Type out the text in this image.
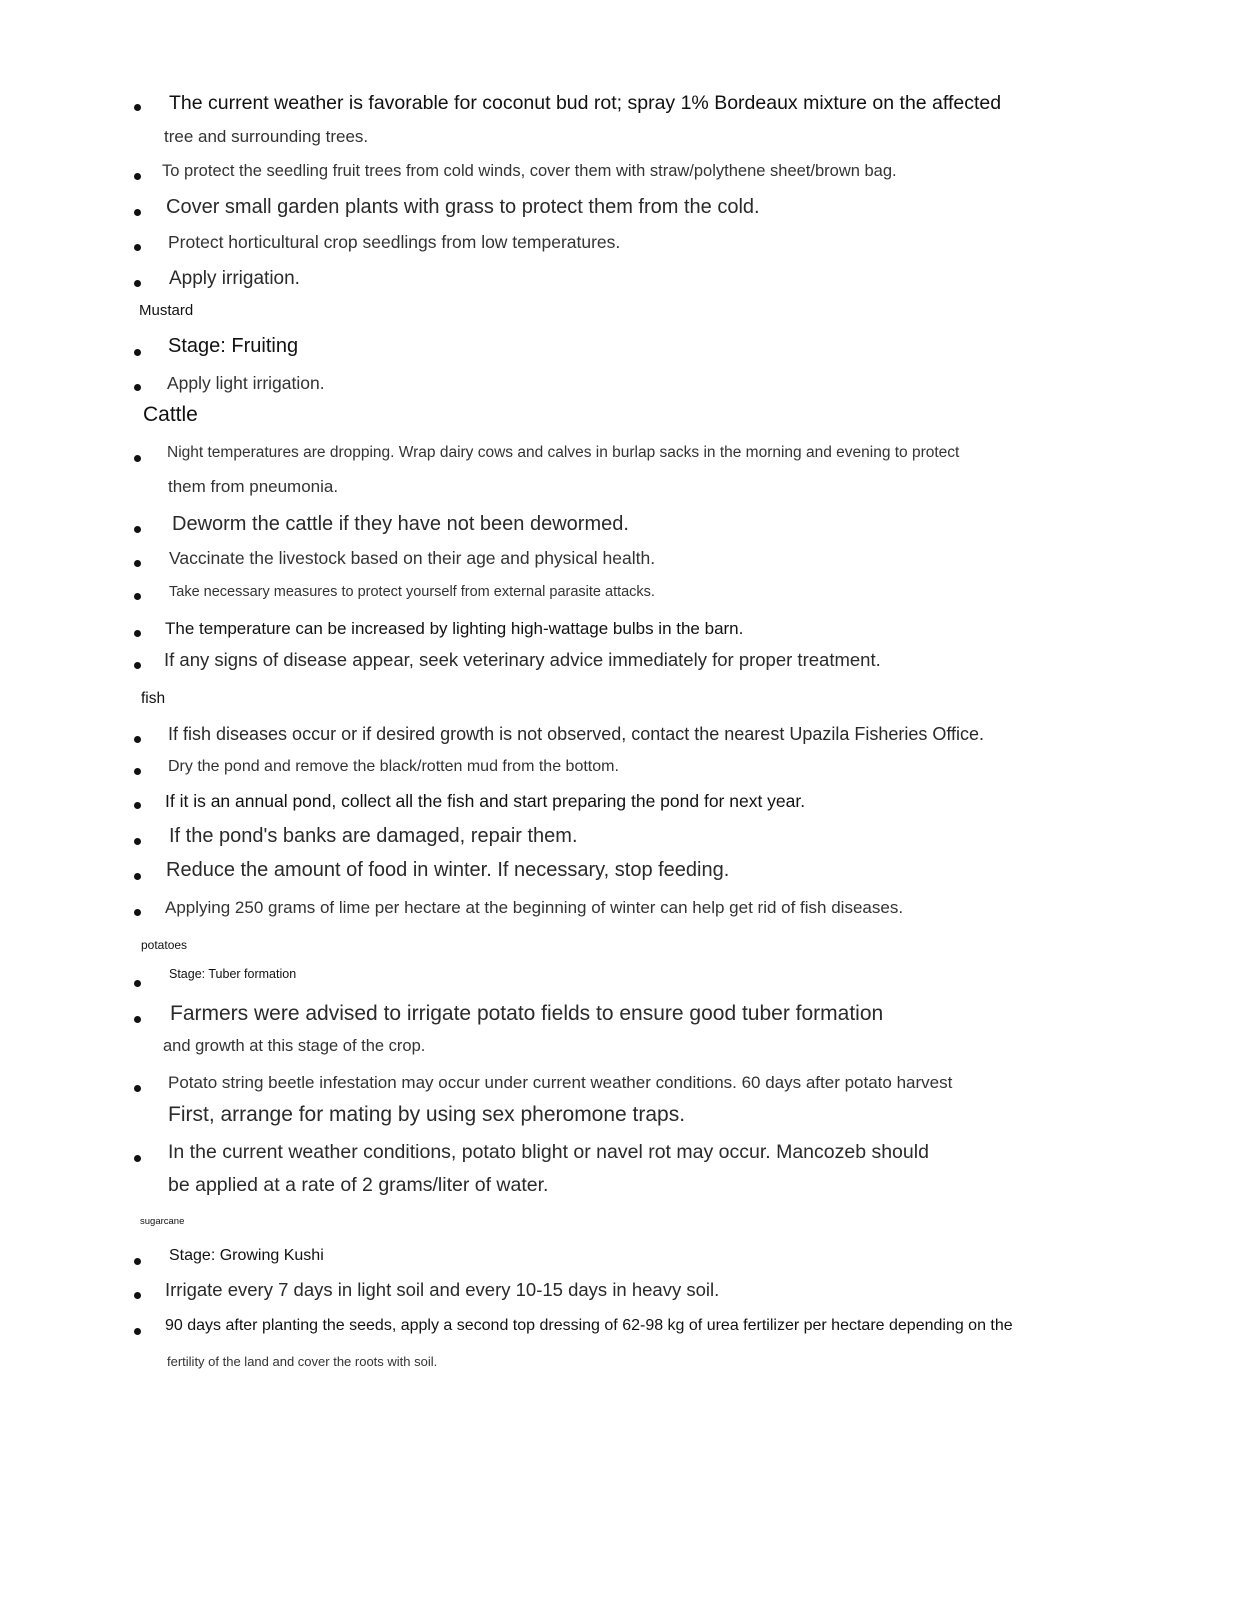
The current weather is favorable for coconut bud rot; spray 1% Bordeaux mixture on the affected
tree and surrounding trees.
To protect the seedling fruit trees from cold winds, cover them with straw/polythene sheet/brown bag.
Cover small garden plants with grass to protect them from the cold.
Protect horticultural crop seedlings from low temperatures.
Apply irrigation.
Mustard
Stage: Fruiting
Apply light irrigation.
Cattle
Night temperatures are dropping. Wrap dairy cows and calves in burlap sacks in the morning and evening to protect
them from pneumonia.
Deworm the cattle if they have not been dewormed.
Vaccinate the livestock based on their age and physical health.
Take necessary measures to protect yourself from external parasite attacks.
The temperature can be increased by lighting high-wattage bulbs in the barn.
If any signs of disease appear, seek veterinary advice immediately for proper treatment.
fish
If fish diseases occur or if desired growth is not observed, contact the nearest Upazila Fisheries Office.
Dry the pond and remove the black/rotten mud from the bottom.
If it is an annual pond, collect all the fish and start preparing the pond for next year.
If the pond's banks are damaged, repair them.
Reduce the amount of food in winter. If necessary, stop feeding.
Applying 250 grams of lime per hectare at the beginning of winter can help get rid of fish diseases.
potatoes
Stage: Tuber formation
Farmers were advised to irrigate potato fields to ensure good tuber formation
and growth at this stage of the crop.
Potato string beetle infestation may occur under current weather conditions. 60 days after potato harvest
First, arrange for mating by using sex pheromone traps.
In the current weather conditions, potato blight or navel rot may occur. Mancozeb should
be applied at a rate of 2 grams/liter of water.
sugarcane
Stage: Growing Kushi
Irrigate every 7 days in light soil and every 10-15 days in heavy soil.
90 days after planting the seeds, apply a second top dressing of 62-98 kg of urea fertilizer per hectare depending on the
fertility of the land and cover the roots with soil.
